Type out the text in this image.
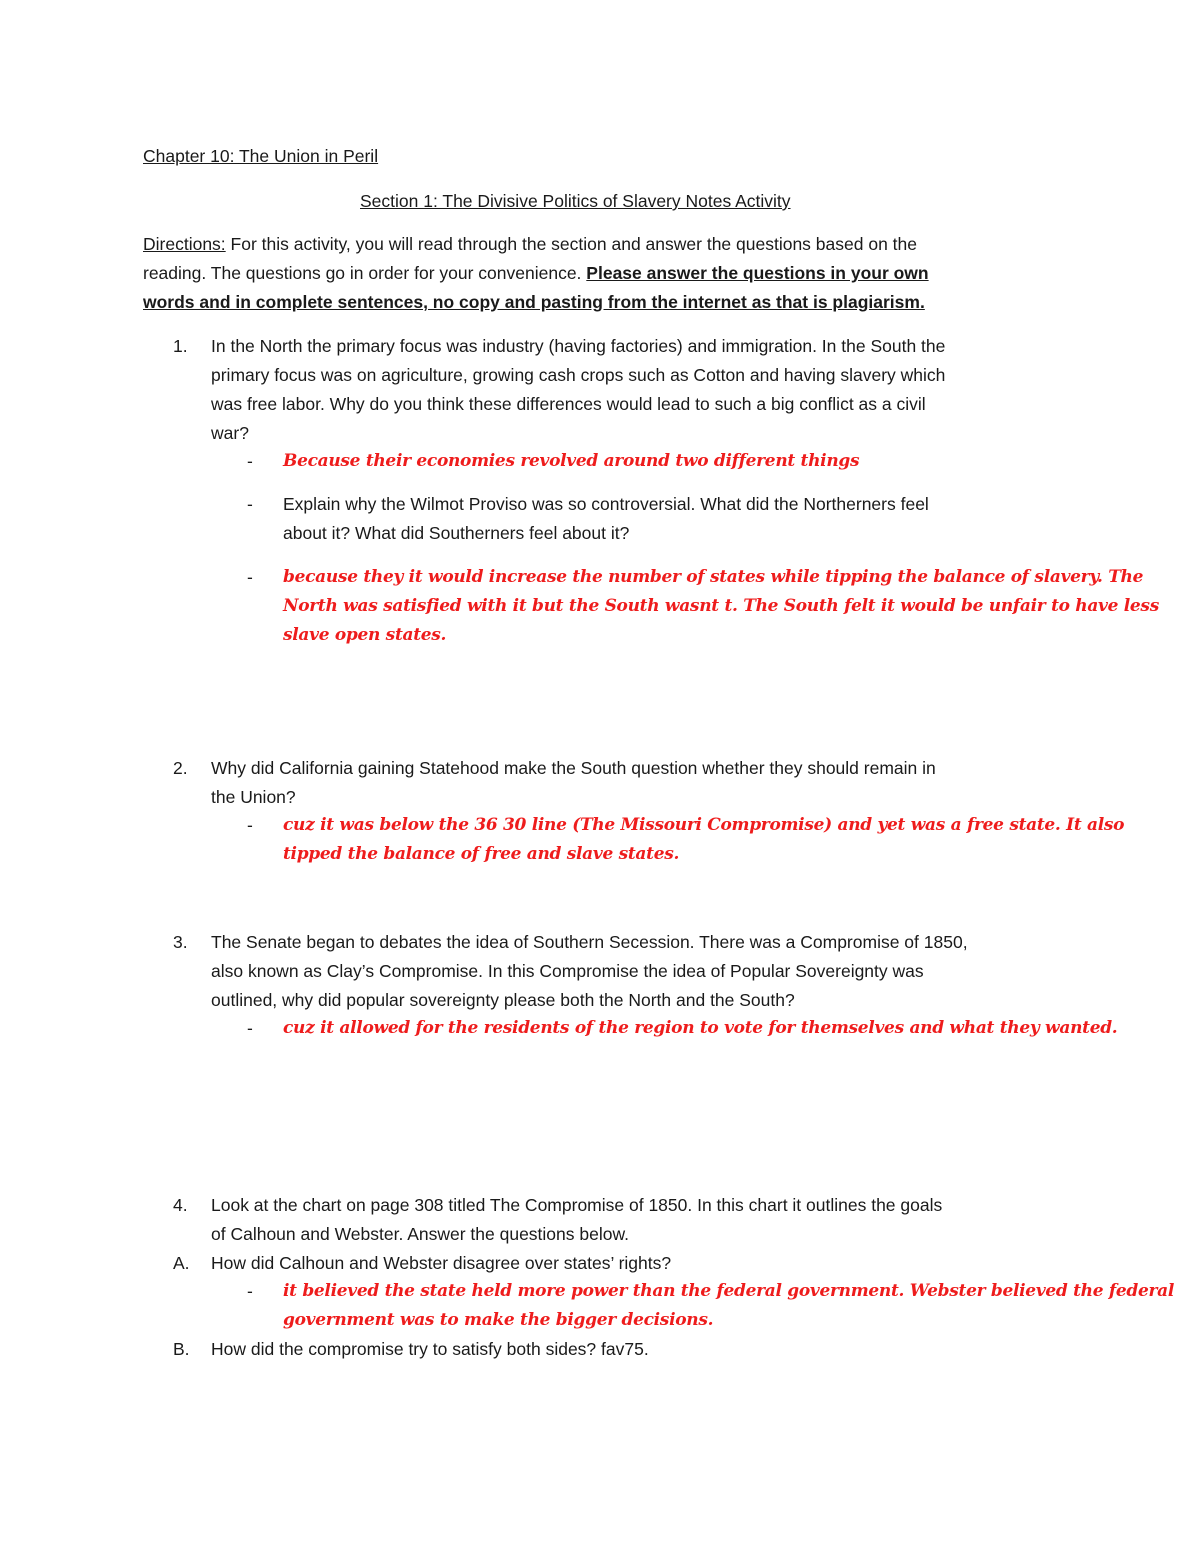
Chapter 10: The Union in Peril
Section 1: The Divisive Politics of Slavery Notes Activity
Directions: For this activity, you will read through the section and answer the questions based on the
reading. The questions go in order for your convenience. Please answer the questions in your own
words and in complete sentences, no copy and pasting from the internet as that is plagiarism.
1. In the North the primary focus was industry (having factories) and immigration. In the South the
primary focus was on agriculture, growing cash crops such as Cotton and having slavery which
was free labor. Why do you think these differences would lead to such a big conflict as a civil
war?
- Because their economies revolved around two different things
- Explain why the Wilmot Proviso was so controversial. What did the Northerners feel
about it? What did Southerners feel about it?
- because they it would increase the number of states while tipping the balance of slavery. The
North was satisfied with it but the South wasnt t. The South felt it would be unfair to have less
slave open states.
2. Why did California gaining Statehood make the South question whether they should remain in
the Union?
- cuz it was below the 36 30 line (The Missouri Compromise) and yet was a free state. It also
tipped the balance of free and slave states.
3. The Senate began to debates the idea of Southern Secession. There was a Compromise of 1850,
also known as Clay’s Compromise. In this Compromise the idea of Popular Sovereignty was
outlined, why did popular sovereignty please both the North and the South?
- cuz it allowed for the residents of the region to vote for themselves and what they wanted.
4. Look at the chart on page 308 titled The Compromise of 1850. In this chart it outlines the goals
of Calhoun and Webster. Answer the questions below.
A. How did Calhoun and Webster disagree over states’ rights?
- it believed the state held more power than the federal government. Webster believed the federal
government was to make the bigger decisions.
B. How did the compromise try to satisfy both sides? fav75.
